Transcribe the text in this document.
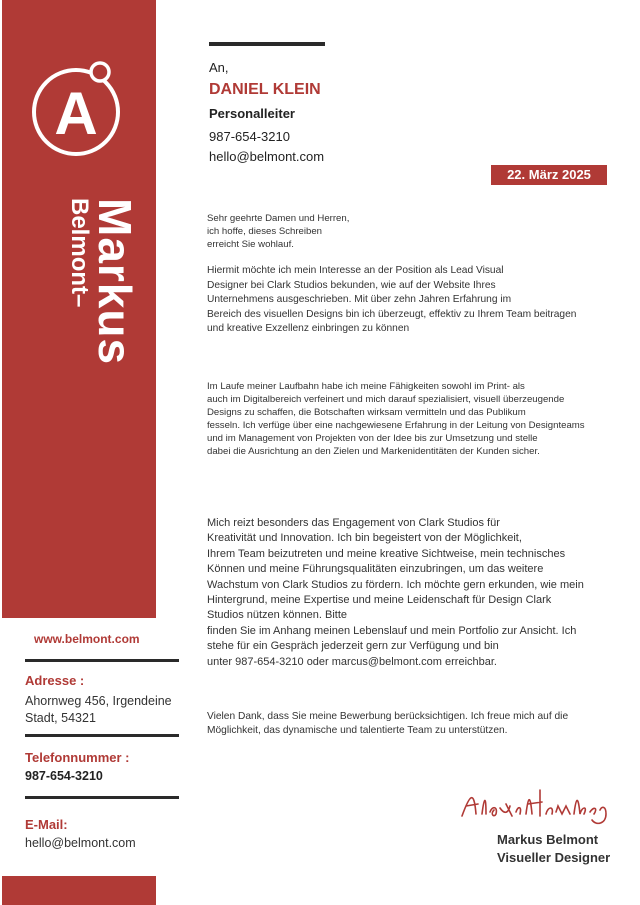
A
Markus
Belmont–
www.belmont.com
Adresse :
Ahornweg 456, Irgendeine
Stadt, 54321
Telefonnummer :
987-654-3210
E-Mail:
hello@belmont.com
An,
DANIEL KLEIN
Personalleiter
987-654-3210
hello@belmont.com
22. März 2025
Sehr geehrte Damen und Herren,
ich hoffe, dieses Schreiben
erreicht Sie wohlauf.
Hiermit möchte ich mein Interesse an der Position als Lead Visual
Designer bei Clark Studios bekunden, wie auf der Website Ihres
Unternehmens ausgeschrieben. Mit über zehn Jahren Erfahrung im
Bereich des visuellen Designs bin ich überzeugt, effektiv zu Ihrem Team beitragen
und kreative Exzellenz einbringen zu können
Im Laufe meiner Laufbahn habe ich meine Fähigkeiten sowohl im Print- als
auch im Digitalbereich verfeinert und mich darauf spezialisiert, visuell überzeugende
Designs zu schaffen, die Botschaften wirksam vermitteln und das Publikum
fesseln. Ich verfüge über eine nachgewiesene Erfahrung in der Leitung von Designteams
und im Management von Projekten von der Idee bis zur Umsetzung und stelle
dabei die Ausrichtung an den Zielen und Markenidentitäten der Kunden sicher.
Mich reizt besonders das Engagement von Clark Studios für
Kreativität und Innovation. Ich bin begeistert von der Möglichkeit,
Ihrem Team beizutreten und meine kreative Sichtweise, mein technisches
Können und meine Führungsqualitäten einzubringen, um das weitere
Wachstum von Clark Studios zu fördern. Ich möchte gern erkunden, wie mein
Hintergrund, meine Expertise und meine Leidenschaft für Design Clark
Studios nützen können. Bitte
finden Sie im Anhang meinen Lebenslauf und mein Portfolio zur Ansicht. Ich
stehe für ein Gespräch jederzeit gern zur Verfügung und bin
unter 987-654-3210 oder marcus@belmont.com erreichbar.
Vielen Dank, dass Sie meine Bewerbung berücksichtigen. Ich freue mich auf die
Möglichkeit, das dynamische und talentierte Team zu unterstützen.
Markus Belmont
Visueller Designer
